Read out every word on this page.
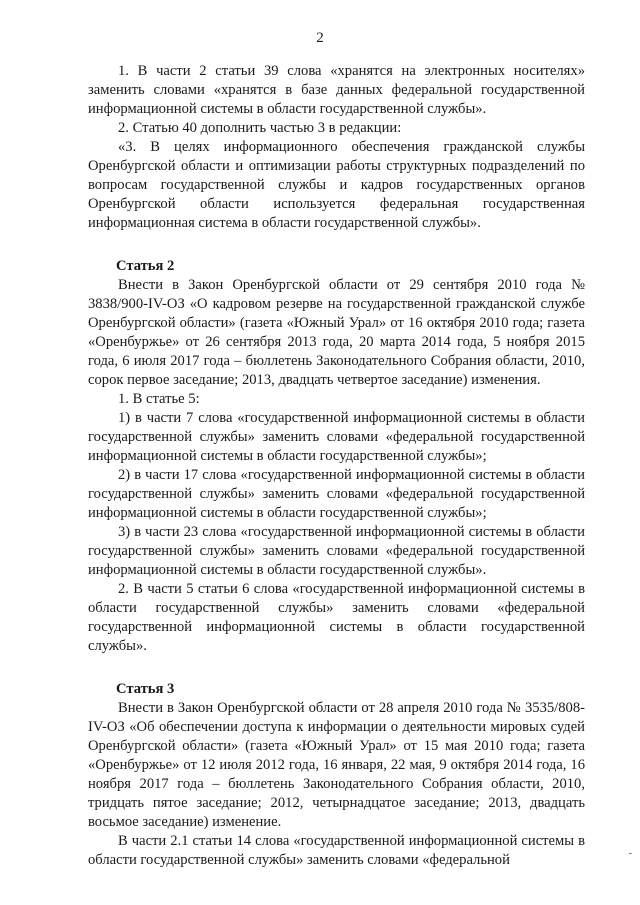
2

1. В части 2 статьи 39 слова «хранятся на электронных носителях» заменить словами «хранятся в базе данных федеральной государственной информационной системы в области государственной службы».

2. Статью 40 дополнить частью 3 в редакции:

«3. В целях информационного обеспечения гражданской службы Оренбургской области и оптимизации работы структурных подразделений по вопросам государственной службы и кадров государственных органов Оренбургской области используется федеральная государственная информационная система в области государственной службы».

Статья 2

Внести в Закон Оренбургской области от 29 сентября 2010 года № 3838/900-IV-ОЗ «О кадровом резерве на государственной гражданской службе Оренбургской области» (газета «Южный Урал» от 16 октября 2010 года; газета «Оренбуржье» от 26 сентября 2013 года, 20 марта 2014 года, 5 ноября 2015 года, 6 июля 2017 года – бюллетень Законодательного Собрания области, 2010, сорок первое заседание; 2013, двадцать четвертое заседание) изменения.

1. В статье 5:

1) в части 7 слова «государственной информационной системы в области государственной службы» заменить словами «федеральной государственной информационной системы в области государственной службы»;

2) в части 17 слова «государственной информационной системы в области государственной службы» заменить словами «федеральной государственной информационной системы в области государственной службы»;

3) в части 23 слова «государственной информационной системы в области государственной службы» заменить словами «федеральной государственной информационной системы в области государственной службы».

2. В части 5 статьи 6 слова «государственной информационной системы в области государственной службы» заменить словами «федеральной государственной информационной системы в области государственной службы».

Статья 3

Внести в Закон Оренбургской области от 28 апреля 2010 года № 3535/808-IV-ОЗ «Об обеспечении доступа к информации о деятельности мировых судей Оренбургской области» (газета «Южный Урал» от 15 мая 2010 года; газета «Оренбуржье» от 12 июля 2012 года, 16 января, 22 мая, 9 октября 2014 года, 16 ноября 2017 года – бюллетень Законодательного Собрания области, 2010, тридцать пятое заседание; 2012, четырнадцатое заседание; 2013, двадцать восьмое заседание) изменение.

В части 2.1 статьи 14 слова «государственной информационной системы в области государственной службы» заменить словами «федеральной	-
